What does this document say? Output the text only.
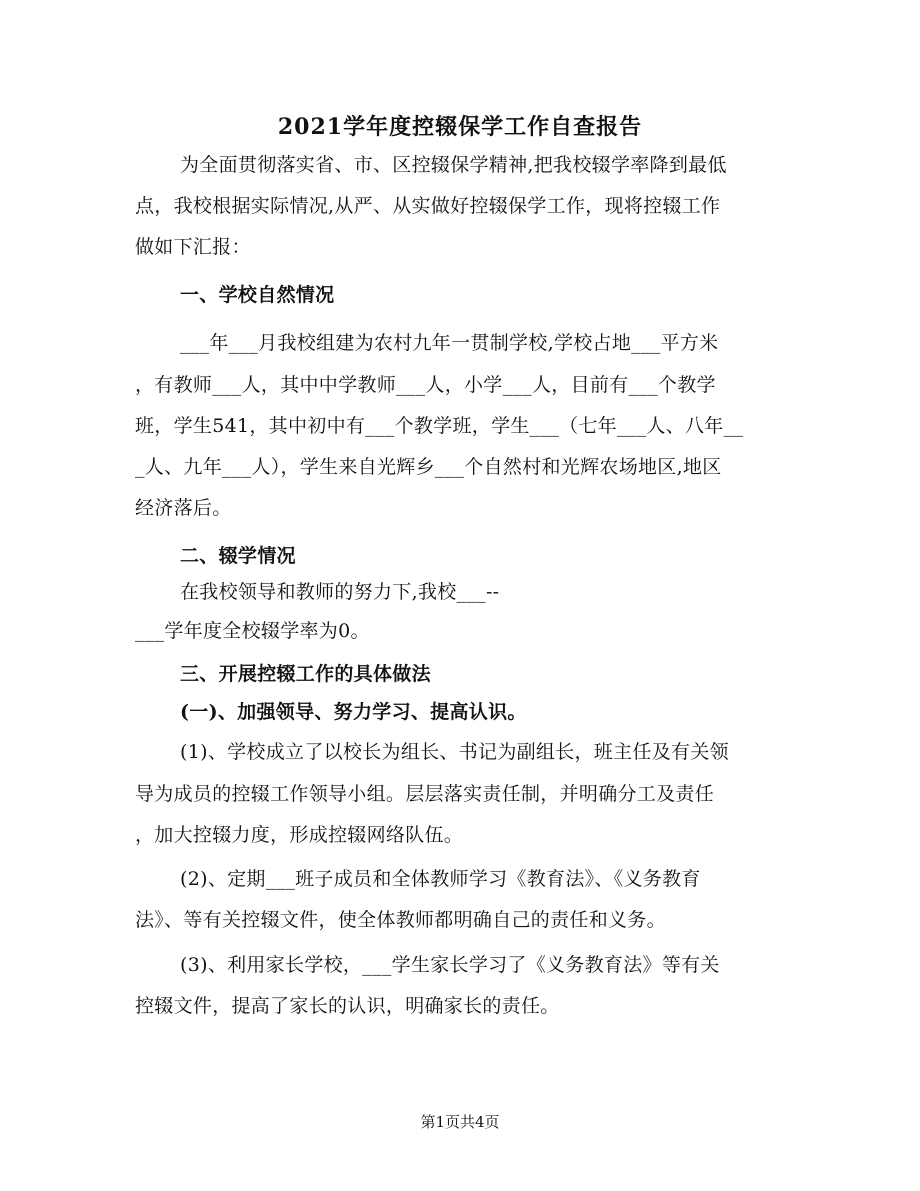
2021学年度控辍保学工作自查报告
为全面贯彻落实省、市、区控辍保学精神,把我校辍学率降到最低
点，我校根据实际情况,从严、从实做好控辍保学工作，现将控辍工作
做如下汇报：
一、学校自然情况
___年___月我校组建为农村九年一贯制学校,学校占地___平方米
，有教师___人，其中中学教师___人，小学___人，目前有___个教学
班，学生541，其中初中有___个教学班，学生___（七年___人、八年__
_人、九年___人），学生来自光辉乡___个自然村和光辉农场地区,地区
经济落后。
二、辍学情况
在我校领导和教师的努力下,我校___--
___学年度全校辍学率为0。
三、开展控辍工作的具体做法
(一)、加强领导、努力学习、提高认识。
(1)、学校成立了以校长为组长、书记为副组长，班主任及有关领
导为成员的控辍工作领导小组。层层落实责任制，并明确分工及责任
，加大控辍力度，形成控辍网络队伍。
(2)、定期___班子成员和全体教师学习《教育法》、《义务教育
法》、等有关控辍文件，使全体教师都明确自己的责任和义务。
(3)、利用家长学校，___学生家长学习了《义务教育法》等有关
控辍文件，提高了家长的认识，明确家长的责任。
第1页共4页
